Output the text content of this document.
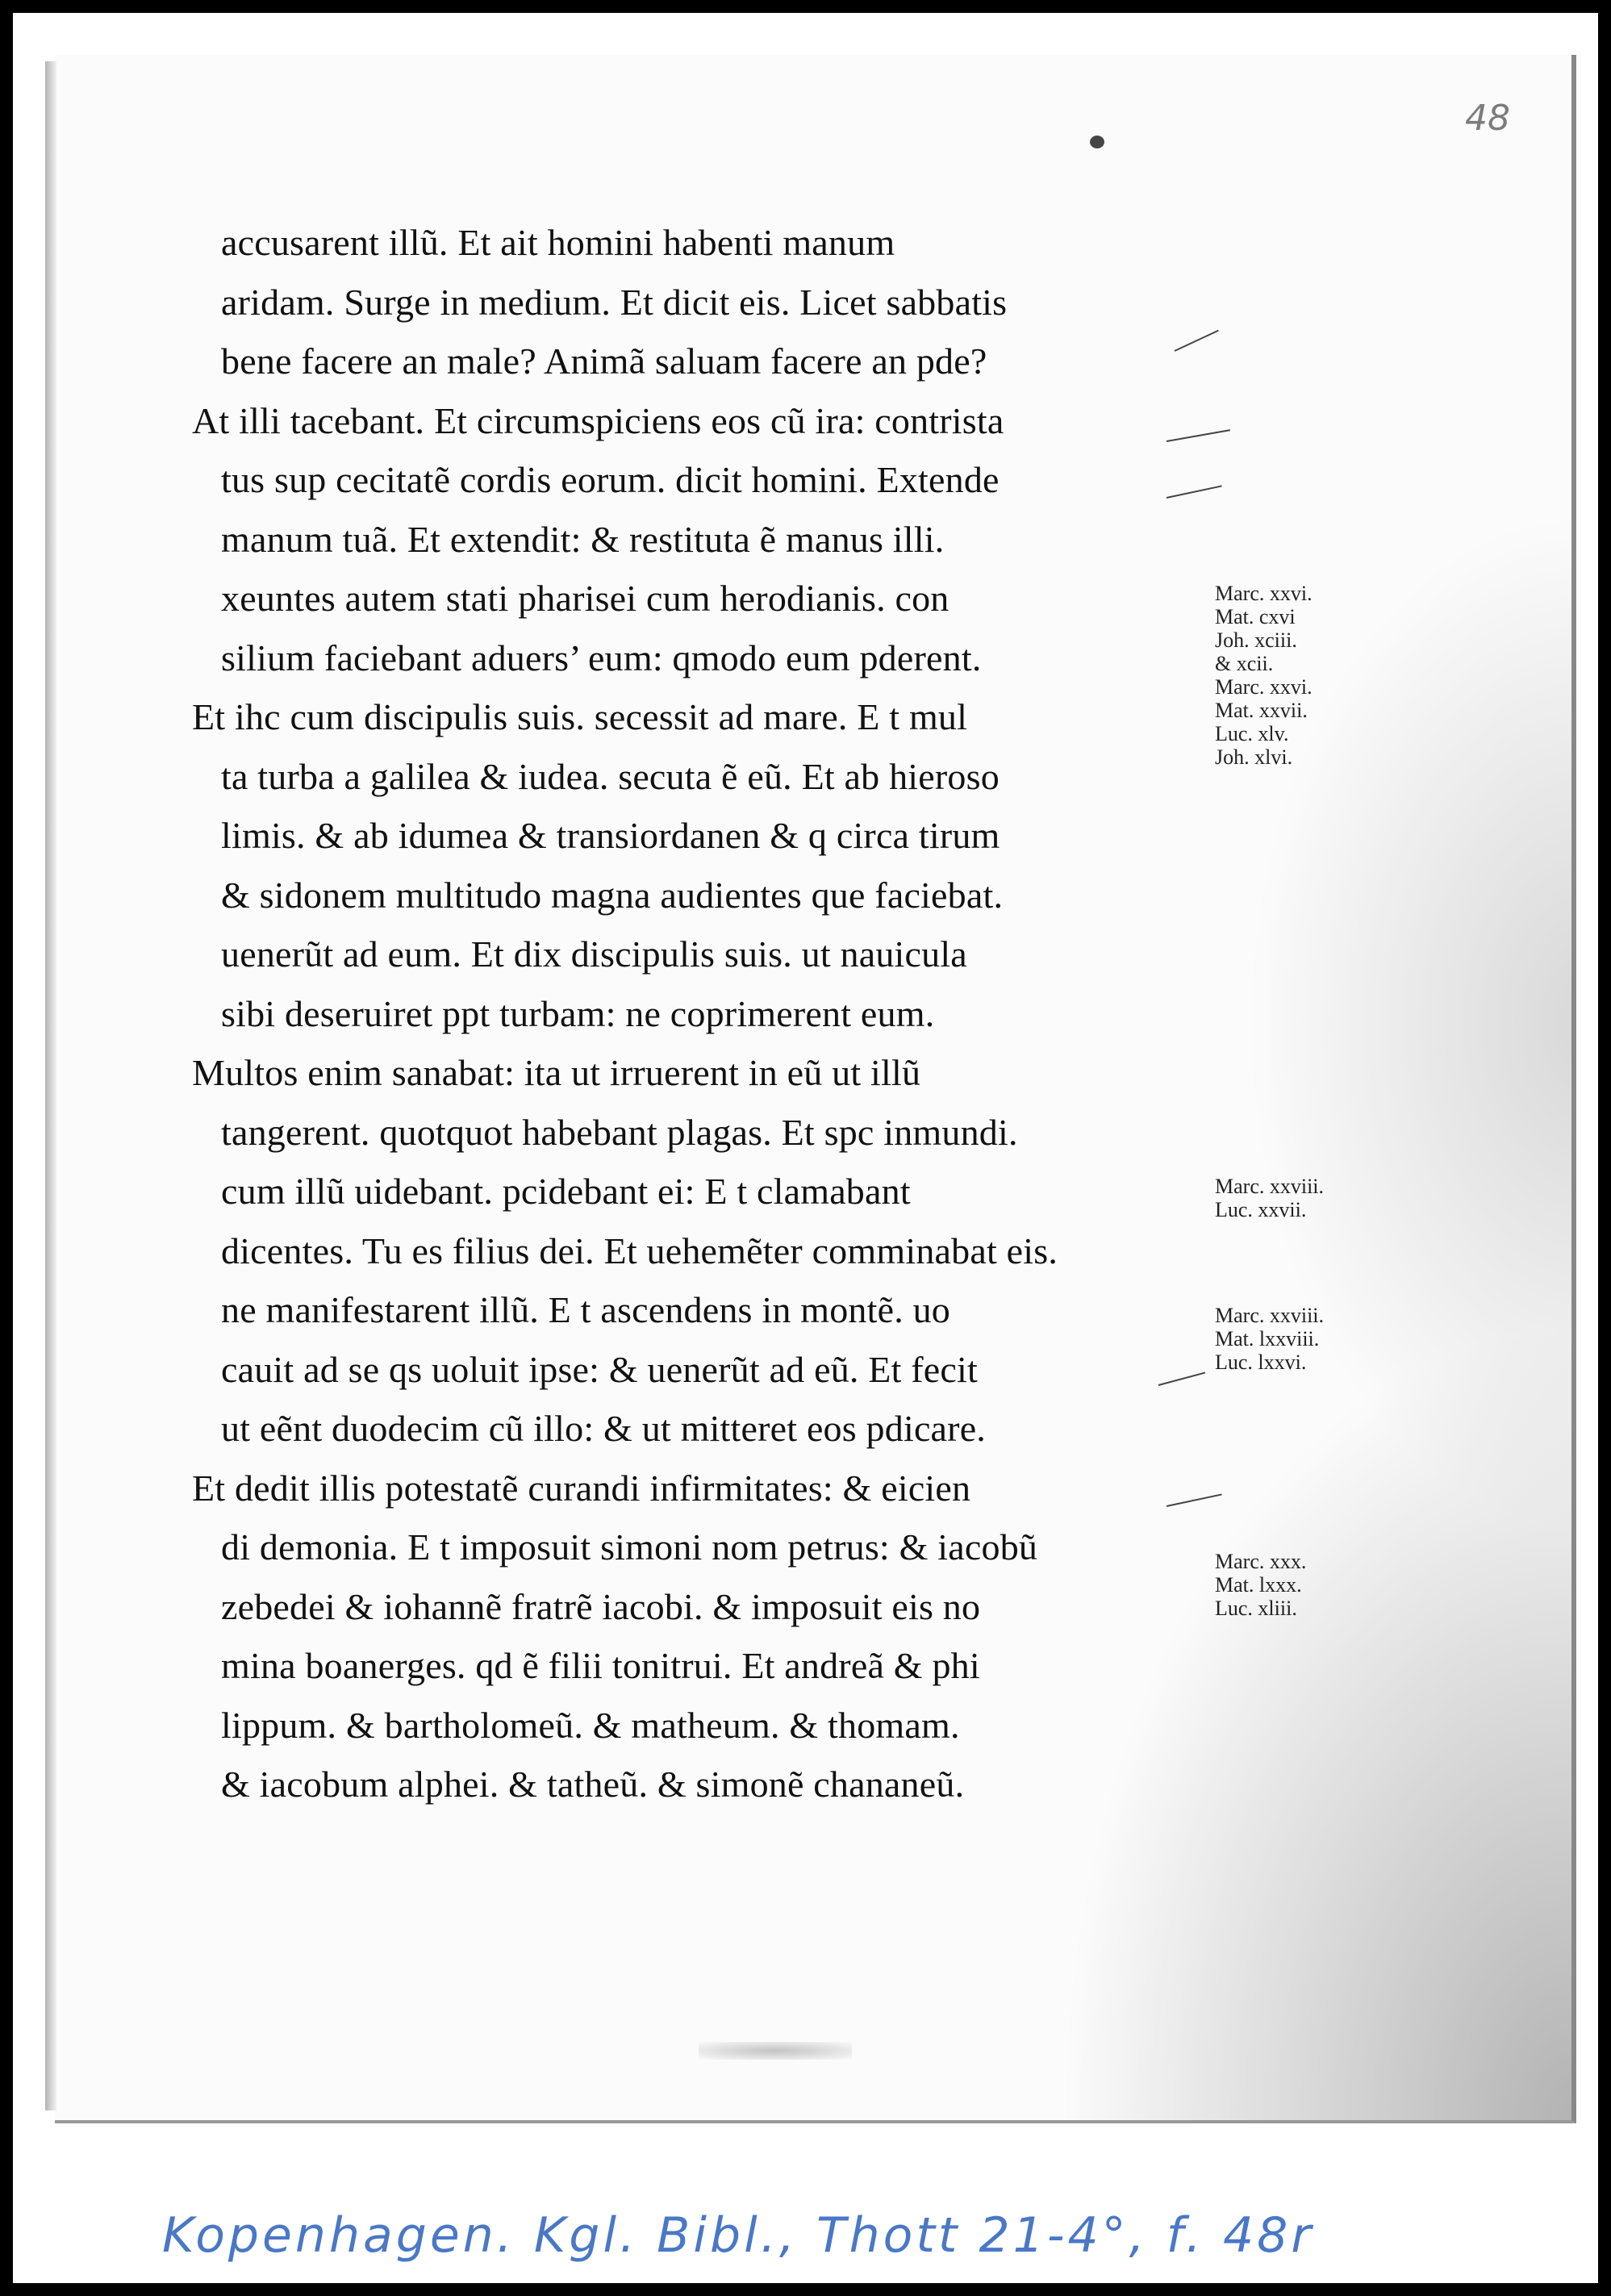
48
accusarent illũ. Et ait homini habenti manum
aridam. Surge in medium. Et dicit eis. Licet sabbatis
bene facere an male? Animã saluam facere an pde?
At illi tacebant. Et circumspiciens eos cũ ira: contrista
tus sup cecitatẽ cordis eorum. dicit homini. Extende
manum tuã. Et extendit: & restituta ẽ manus illi.
xeuntes autem stati pharisei cum herodianis. con
silium faciebant aduers’ eum: qmodo eum pderent.
Et ihc cum discipulis suis. secessit ad mare. E t mul
ta turba a galilea & iudea. secuta ẽ eũ. Et ab hieroso
limis. & ab idumea & transiordanen & q circa tirum
& sidonem multitudo magna audientes que faciebat.
uenerũt ad eum. Et dix discipulis suis. ut nauicula
sibi deseruiret ppt turbam: ne coprimerent eum.
Multos enim sanabat: ita ut irruerent in eũ ut illũ
tangerent. quotquot habebant plagas. Et spc inmundi.
cum illũ uidebant. pcidebant ei: E t clamabant
dicentes. Tu es filius dei. Et uehemẽter comminabat eis.
ne manifestarent illũ. E t ascendens in montẽ. uo
cauit ad se qs uoluit ipse: & uenerũt ad eũ. Et fecit
ut eẽnt duodecim cũ illo: & ut mitteret eos pdicare.
Et dedit illis potestatẽ curandi infirmitates: & eicien
di demonia. E t imposuit simoni nom petrus: & iacobũ
zebedei & iohannẽ fratrẽ iacobi. & imposuit eis no
mina boanerges. qd ẽ filii tonitrui. Et andreã & phi
lippum. & bartholomeũ. & matheum. & thomam.
& iacobum alphei. & tatheũ. & simonẽ chananeũ.
Marc. xxvi.
Mat. cxvi
Joh. xciii.
& xcii.
Marc. xxvi.
Mat. xxvii.
Luc. xlv.
Joh. xlvi.
Marc. xxviii.
Luc. xxvii.
Marc. xxviii.
Mat. lxxviii.
Luc. lxxvi.
Marc. xxx.
Mat. lxxx.
Luc. xliii.
Kopenhagen. Kgl. Bibl., Thott 21-4°, f. 48r
